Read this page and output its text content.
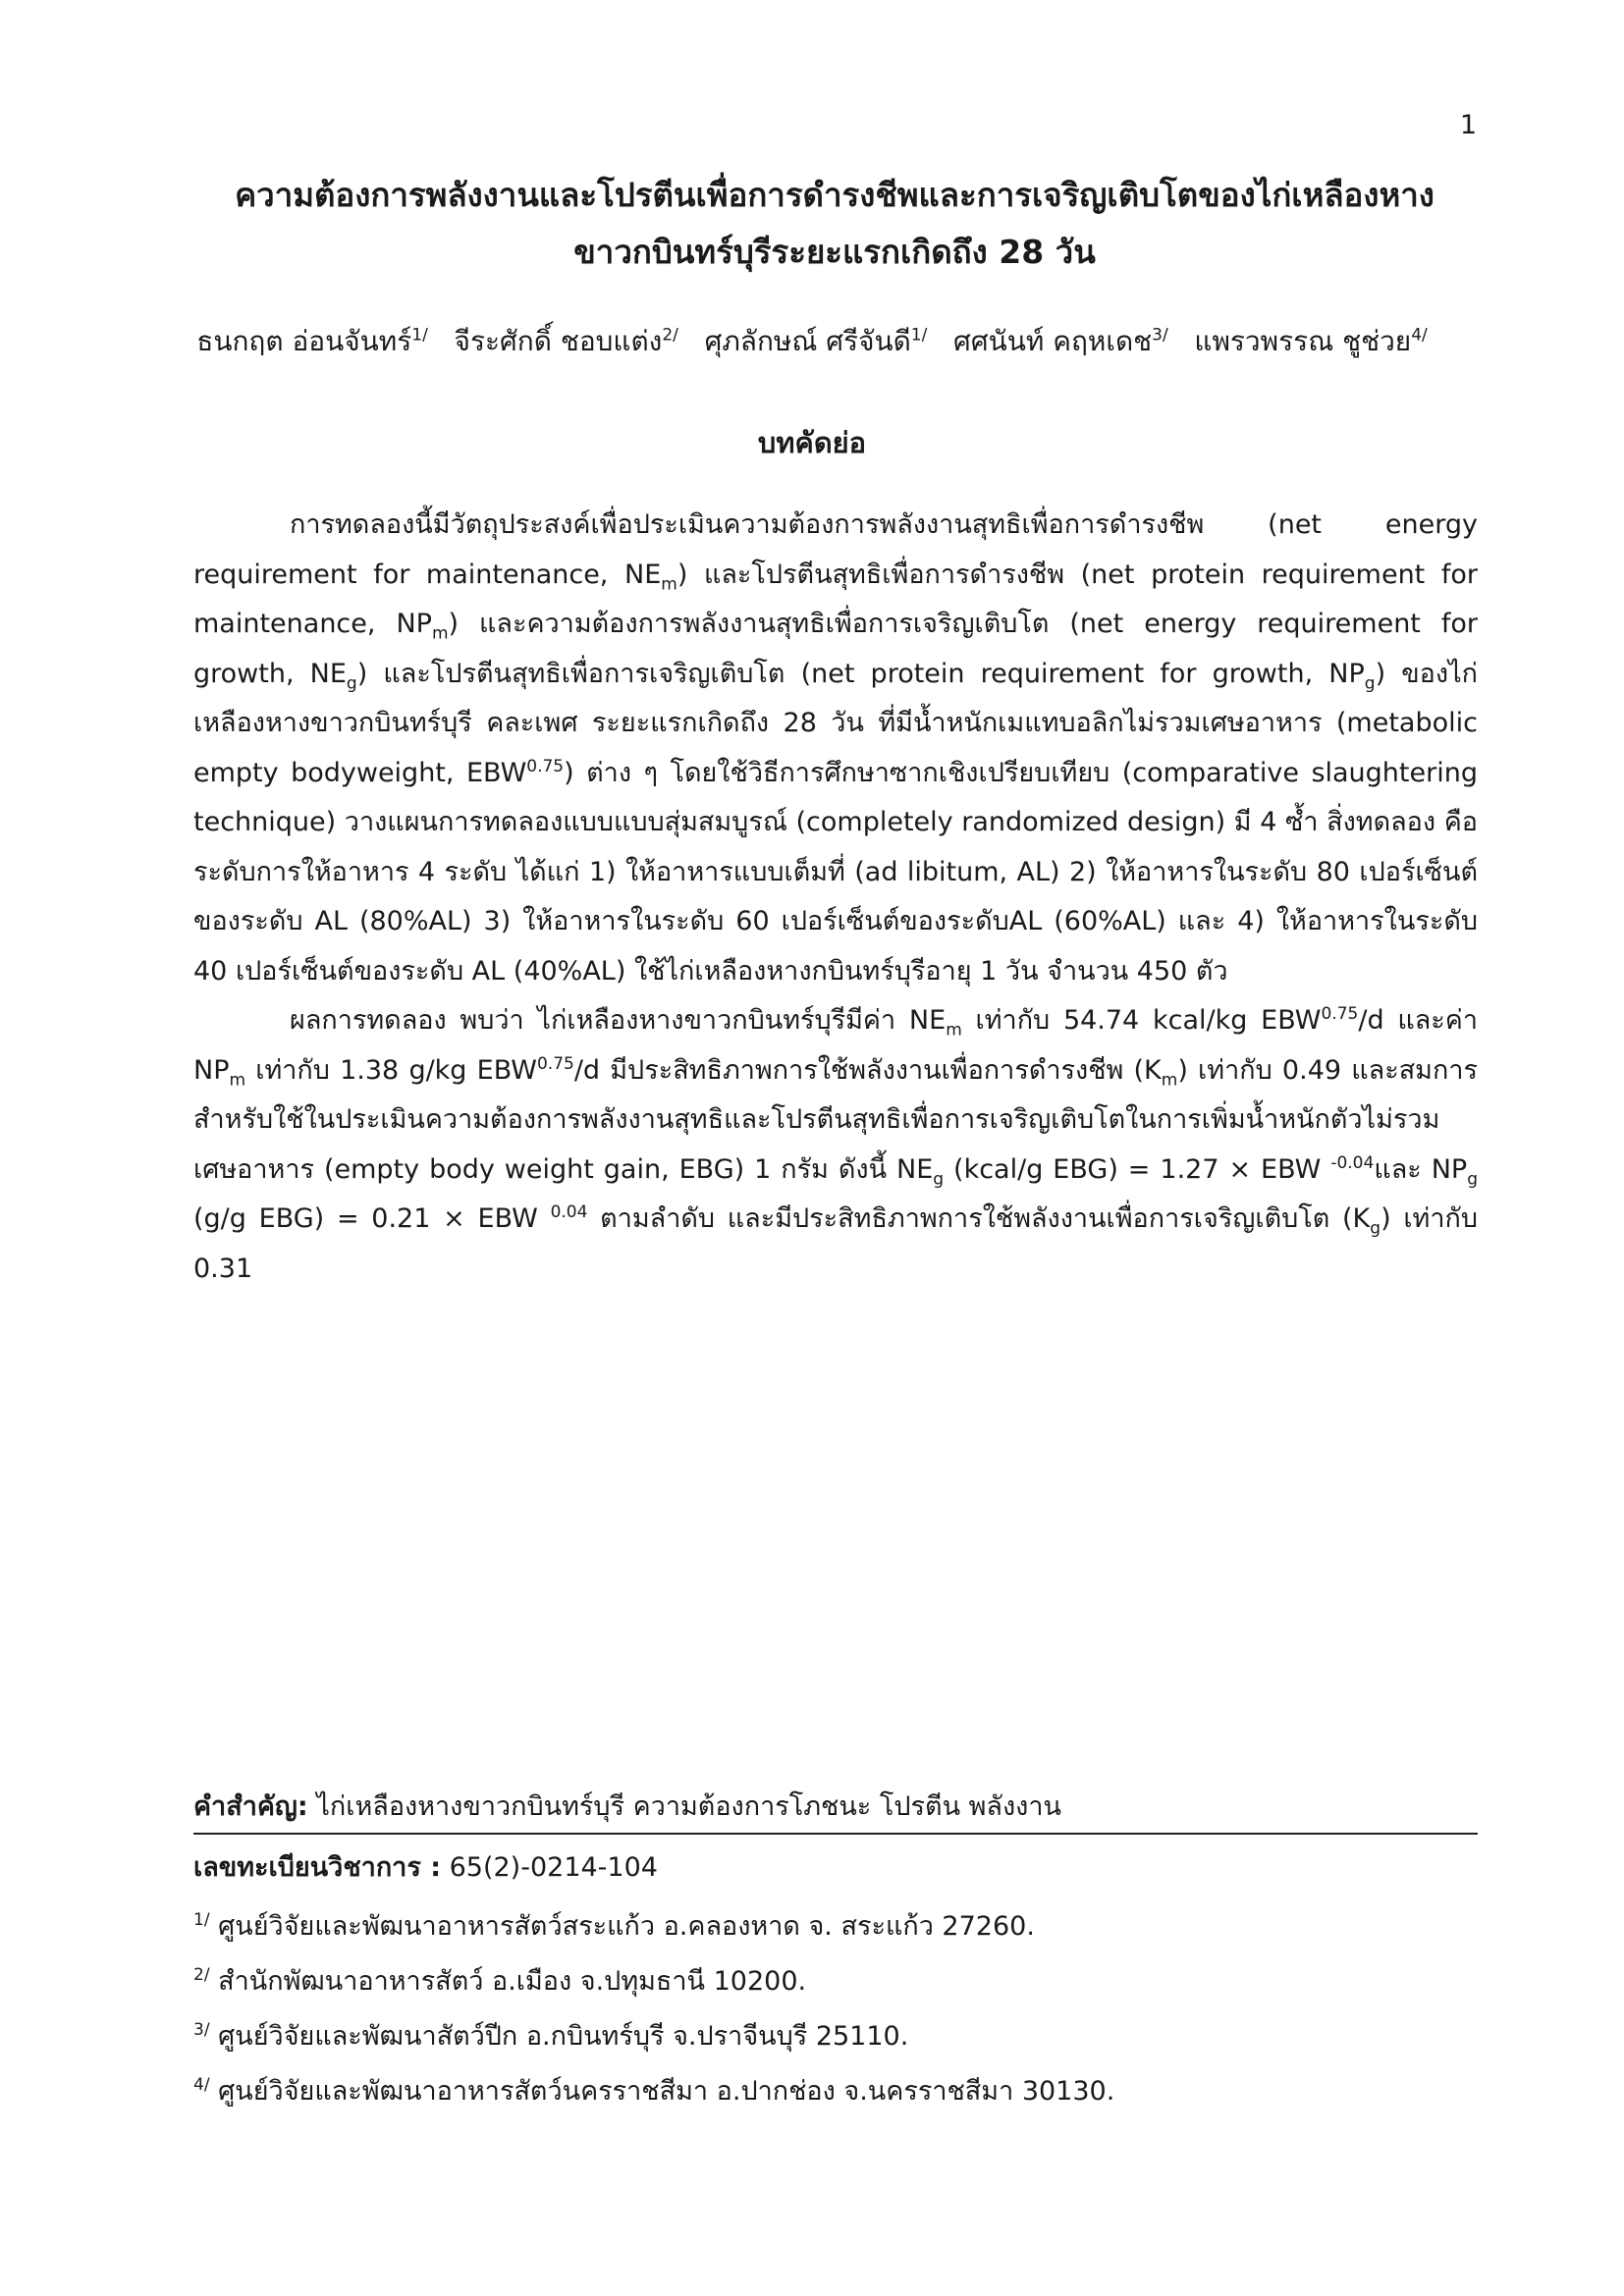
1
ความต้องการพลังงานและโปรตีนเพื่อการดำรงชีพและการเจริญเติบโตของไก่เหลืองหาง
ขาวกบินทร์บุรีระยะแรกเกิดถึง 28 วัน
ธนกฤต อ่อนจันทร์$^{1/}$ จีระศักดิ์ ชอบแต่ง$^{2/}$ ศุภลักษณ์ ศรีจันดี$^{1/}$ ศศนันท์ คฤหเดช$^{3/}$ แพรวพรรณ ชูช่วย$^{4/}$
บทคัดย่อ

การทดลองนี้มีวัตถุประสงค์เพื่อประเมินความต้องการพลังงานสุทธิเพื่อการดำรงชีพ (net energy requirement for maintenance, $NE_m$) และโปรตีนสุทธิเพื่อการดำรงชีพ (net protein requirement for maintenance, $NP_m$) และความต้องการพลังงานสุทธิเพื่อการเจริญเติบโต (net energy requirement for growth, $NE_g$) และโปรตีนสุทธิเพื่อการเจริญเติบโต (net protein requirement for growth, $NP_g$) ของไก่เหลืองหางขาวกบินทร์บุรี คละเพศ ระยะแรกเกิดถึง 28 วัน ที่มีน้ำหนักเมแทบอลิกไม่รวมเศษอาหาร (metabolic empty bodyweight, $EBW^{0.75}$) ต่าง ๆ โดยใช้วิธีการศึกษาซากเชิงเปรียบเทียบ (comparative slaughtering technique) วางแผนการทดลองแบบแบบสุ่มสมบูรณ์ (completely randomized design) มี 4 ซ้ำ สิ่งทดลอง คือ ระดับการให้อาหาร 4 ระดับ ได้แก่ 1) ให้อาหารแบบเต็มที่ (ad libitum, AL) 2) ให้อาหารในระดับ 80 เปอร์เซ็นต์ของระดับ AL (80%AL) 3) ให้อาหารในระดับ 60 เปอร์เซ็นต์ของระดับAL (60%AL) และ 4) ให้อาหารในระดับ 40 เปอร์เซ็นต์ของระดับ AL (40%AL) ใช้ไก่เหลืองหางกบินทร์บุรีอายุ 1 วัน จำนวน 450 ตัว

ผลการทดลอง พบว่า ไก่เหลืองหางขาวกบินทร์บุรีมีค่า $NE_m$ เท่ากับ 54.74 kcal/kg $EBW^{0.75}/d$ และค่า $NP_m$ เท่ากับ 1.38 g/kg $EBW^{0.75}/d$ มีประสิทธิภาพการใช้พลังงานเพื่อการดำรงชีพ $(K_m)$ เท่ากับ 0.49 และสมการสำหรับใช้ในประเมินความต้องการพลังงานสุทธิและโปรตีนสุทธิเพื่อการเจริญเติบโตในการเพิ่มน้ำหนักตัวไม่รวมเศษอาหาร (empty body weight gain, EBG) 1 กรัม ดังนี้ $NE_g$ (kcal/g EBG) = 1.27 × EBW $^{-0.04}$และ $NP_g$ (g/g EBG) = 0.21 × EBW $^{0.04}$ ตามลำดับ และมีประสิทธิภาพการใช้พลังงานเพื่อการเจริญเติบโต $(K_g)$ เท่ากับ 0.31

คำสำคัญ: ไก่เหลืองหางขาวกบินทร์บุรี ความต้องการโภชนะ โปรตีน พลังงาน
เลขทะเบียนวิชาการ : 65(2)-0214-104
$^{1/}$ ศูนย์วิจัยและพัฒนาอาหารสัตว์สระแก้ว อ.คลองหาด จ. สระแก้ว 27260.
$^{2/}$ สำนักพัฒนาอาหารสัตว์ อ.เมือง จ.ปทุมธานี 10200.
$^{3/}$ ศูนย์วิจัยและพัฒนาสัตว์ปีก อ.กบินทร์บุรี จ.ปราจีนบุรี 25110.
$^{4/}$ ศูนย์วิจัยและพัฒนาอาหารสัตว์นครราชสีมา อ.ปากช่อง จ.นครราชสีมา 30130.
